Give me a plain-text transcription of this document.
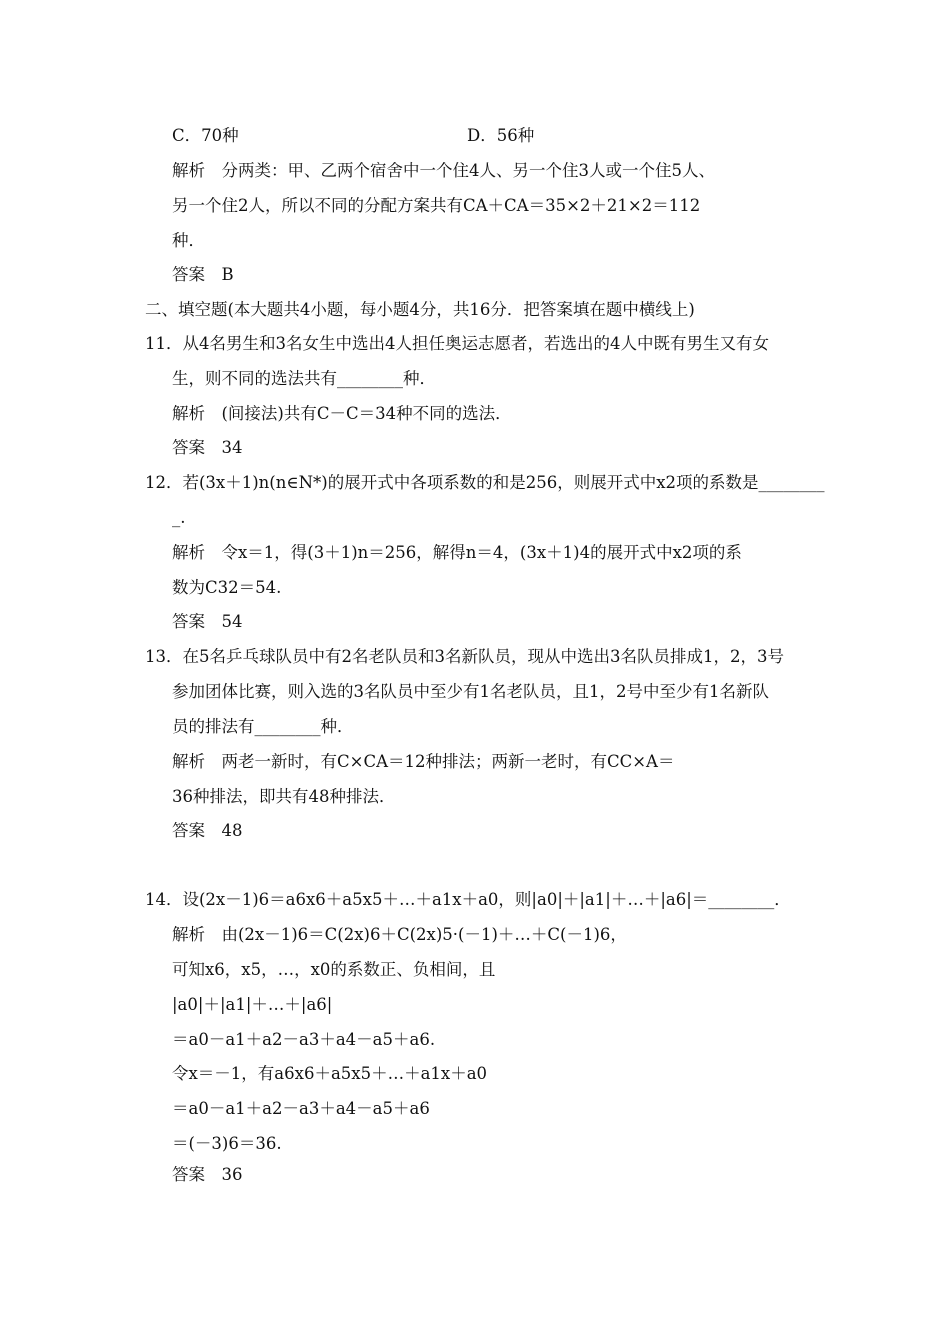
C．70种	D．56种
解析　分两类：甲、乙两个宿舍中一个住4人、另一个住3人或一个住5人、
另一个住2人，所以不同的分配方案共有CA＋CA＝35×2＋21×2＝112
种．
答案　B
二、填空题(本大题共4小题，每小题4分，共16分．把答案填在题中横线上)
11．从4名男生和3名女生中选出4人担任奥运志愿者，若选出的4人中既有男生又有女
生，则不同的选法共有________种．
解析　(间接法)共有C－C＝34种不同的选法．
答案　34
12．若(3x＋1)n(n∈N*)的展开式中各项系数的和是256，则展开式中x2项的系数是________
_.
解析　令x＝1，得(3＋1)n＝256，解得n＝4，(3x＋1)4的展开式中x2项的系
数为C32＝54.
答案　54
13．在5名乒乓球队员中有2名老队员和3名新队员，现从中选出3名队员排成1，2，3号
参加团体比赛，则入选的3名队员中至少有1名老队员，且1，2号中至少有1名新队
员的排法有________种．
解析　两老一新时，有C×CA＝12种排法；两新一老时，有CC×A＝
36种排法，即共有48种排法．
答案　48
14．设(2x－1)6＝a6x6＋a5x5＋…＋a1x＋a0，则|a0|＋|a1|＋…＋|a6|＝________．
解析　由(2x－1)6＝C(2x)6＋C(2x)5·(－1)＋…＋C(－1)6，
可知x6，x5，…，x0的系数正、负相间，且
|a0|＋|a1|＋…＋|a6|
＝a0－a1＋a2－a3＋a4－a5＋a6.
令x＝－1，有a6x6＋a5x5＋…＋a1x＋a0
＝a0－a1＋a2－a3＋a4－a5＋a6
＝(－3)6＝36.
答案　36
